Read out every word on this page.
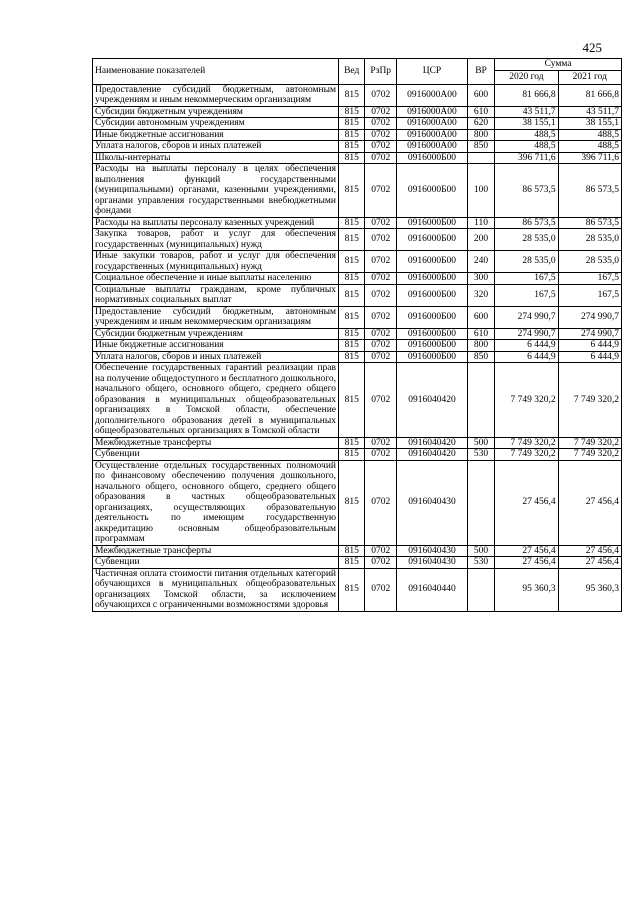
425
Наименование показателей	Вед	РзПр	ЦСР	ВР	Сумма	
					2020 год	2021 год
Предоставление субсидий бюджетным, автономным учреждениям и иным некоммерческим организациям	815	0702	0916000А00	600	81 666,8	81 666,8
Субсидии бюджетным учреждениям	815	0702	0916000А00	610	43 511,7	43 511,7
Субсидии автономным учреждениям	815	0702	0916000А00	620	38 155,1	38 155,1
Иные бюджетные ассигнования	815	0702	0916000А00	800	488,5	488,5
Уплата налогов, сборов и иных платежей	815	0702	0916000А00	850	488,5	488,5
Школы-интернаты	815	0702	0916000Б00		396 711,6	396 711,6
Расходы на выплаты персоналу в целях обеспечения выполнения функций государственными (муниципальными) органами, казенными учреждениями, органами управления государственными внебюджетными фондами	815	0702	0916000Б00	100	86 573,5	86 573,5
Расходы на выплаты персоналу казенных учреждений	815	0702	0916000Б00	110	86 573,5	86 573,5
Закупка товаров, работ и услуг для обеспечения государственных (муниципальных) нужд	815	0702	0916000Б00	200	28 535,0	28 535,0
Иные закупки товаров, работ и услуг для обеспечения государственных (муниципальных) нужд	815	0702	0916000Б00	240	28 535,0	28 535,0
Социальное обеспечение и иные выплаты населению	815	0702	0916000Б00	300	167,5	167,5
Социальные выплаты гражданам, кроме публичных нормативных социальных выплат	815	0702	0916000Б00	320	167,5	167,5
Предоставление субсидий бюджетным, автономным учреждениям и иным некоммерческим организациям	815	0702	0916000Б00	600	274 990,7	274 990,7
Субсидии бюджетным учреждениям	815	0702	0916000Б00	610	274 990,7	274 990,7
Иные бюджетные ассигнования	815	0702	0916000Б00	800	6 444,9	6 444,9
Уплата налогов, сборов и иных платежей	815	0702	0916000Б00	850	6 444,9	6 444,9
Обеспечение государственных гарантий реализации прав на получение общедоступного и бесплатного дошкольного, начального общего, основного общего, среднего общего образования в муниципальных общеобразовательных организациях в Томской области, обеспечение дополнительного образования детей в муниципальных общеобразовательных организациях в Томской области	815	0702	0916040420		7 749 320,2	7 749 320,2
Межбюджетные трансферты	815	0702	0916040420	500	7 749 320,2	7 749 320,2
Субвенции	815	0702	0916040420	530	7 749 320,2	7 749 320,2
Осуществление отдельных государственных полномочий по финансовому обеспечению получения дошкольного, начального общего, основного общего, среднего общего образования в частных общеобразовательных организациях, осуществляющих образовательную деятельность по имеющим государственную аккредитацию основным общеобразовательным программам	815	0702	0916040430		27 456,4	27 456,4
Межбюджетные трансферты	815	0702	0916040430	500	27 456,4	27 456,4
Субвенции	815	0702	0916040430	530	27 456,4	27 456,4
Частичная оплата стоимости питания отдельных категорий обучающихся в муниципальных общеобразовательных организациях Томской области, за исключением обучающихся с ограниченными возможностями здоровья	815	0702	0916040440		95 360,3	95 360,3
